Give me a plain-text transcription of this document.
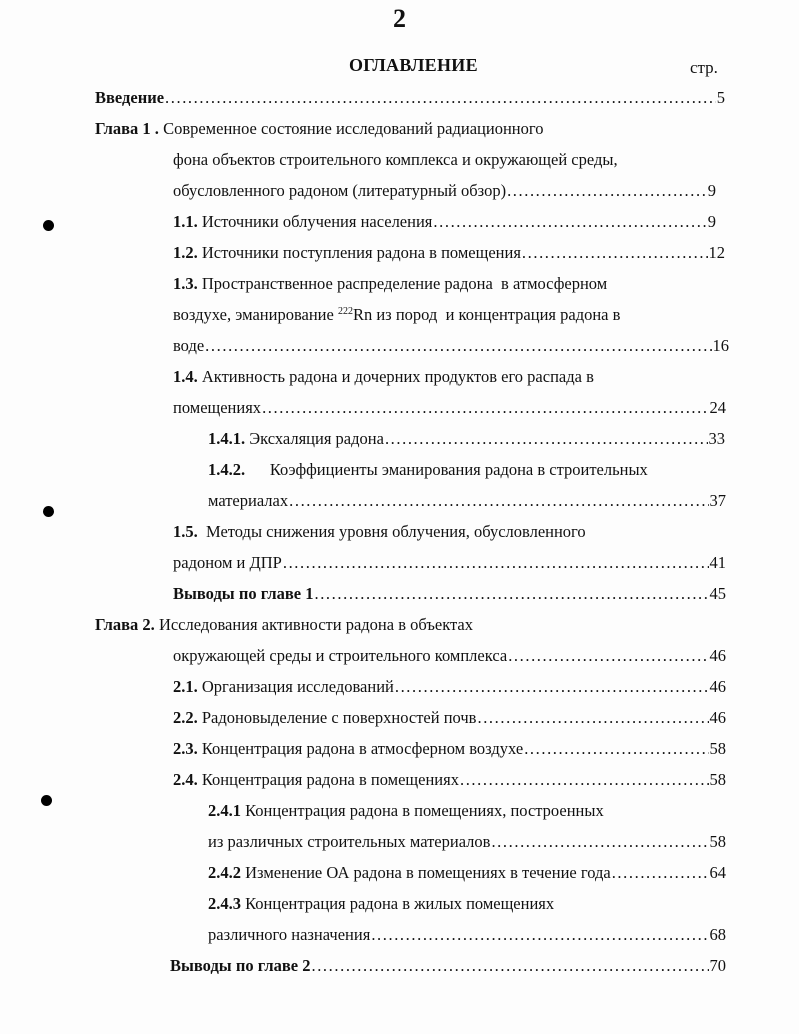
2
ОГЛАВЛЕНИЕ	стр.
Введение .....	5
Глава 1 . Современное состояние исследований радиационного
фона объектов строительного комплекса и окружающей среды,
обусловленного радоном (литературный обзор) .....	9
1.1. Источники облучения населения .....	9
1.2. Источники поступления радона в помещения .....	12
1.3. Пространственное распределение радона  в атмосферном
воздухе, эманирование $^{222}$Rn из пород  и концентрация радона в
воде .....	16
1.4. Активность радона и дочерних продуктов его распада в
помещениях .....	24
1.4.1. Эксхаляция радона .....	33
1.4.2.      Коэффициенты эманирования радона в строительных
материалах .....	37
1.5.  Методы снижения уровня облучения, обусловленного
радоном и ДПР .....	41
Выводы по главе 1 .....	45
Глава 2. Исследования активности радона в объектах
окружающей среды и строительного комплекса .....	46
2.1. Организация исследований .....	46
2.2. Радоновыделение с поверхностей почв .....	46
2.3. Концентрация радона в атмосферном воздухе .....	58
2.4. Концентрация радона в помещениях .....	58
2.4.1 Концентрация радона в помещениях, построенных
из различных строительных материалов .....	58
2.4.2 Изменение ОА радона в помещениях в течение года .....	64
2.4.3 Концентрация радона в жилых помещениях
различного назначения .....	68
Выводы по главе 2 .....	70
